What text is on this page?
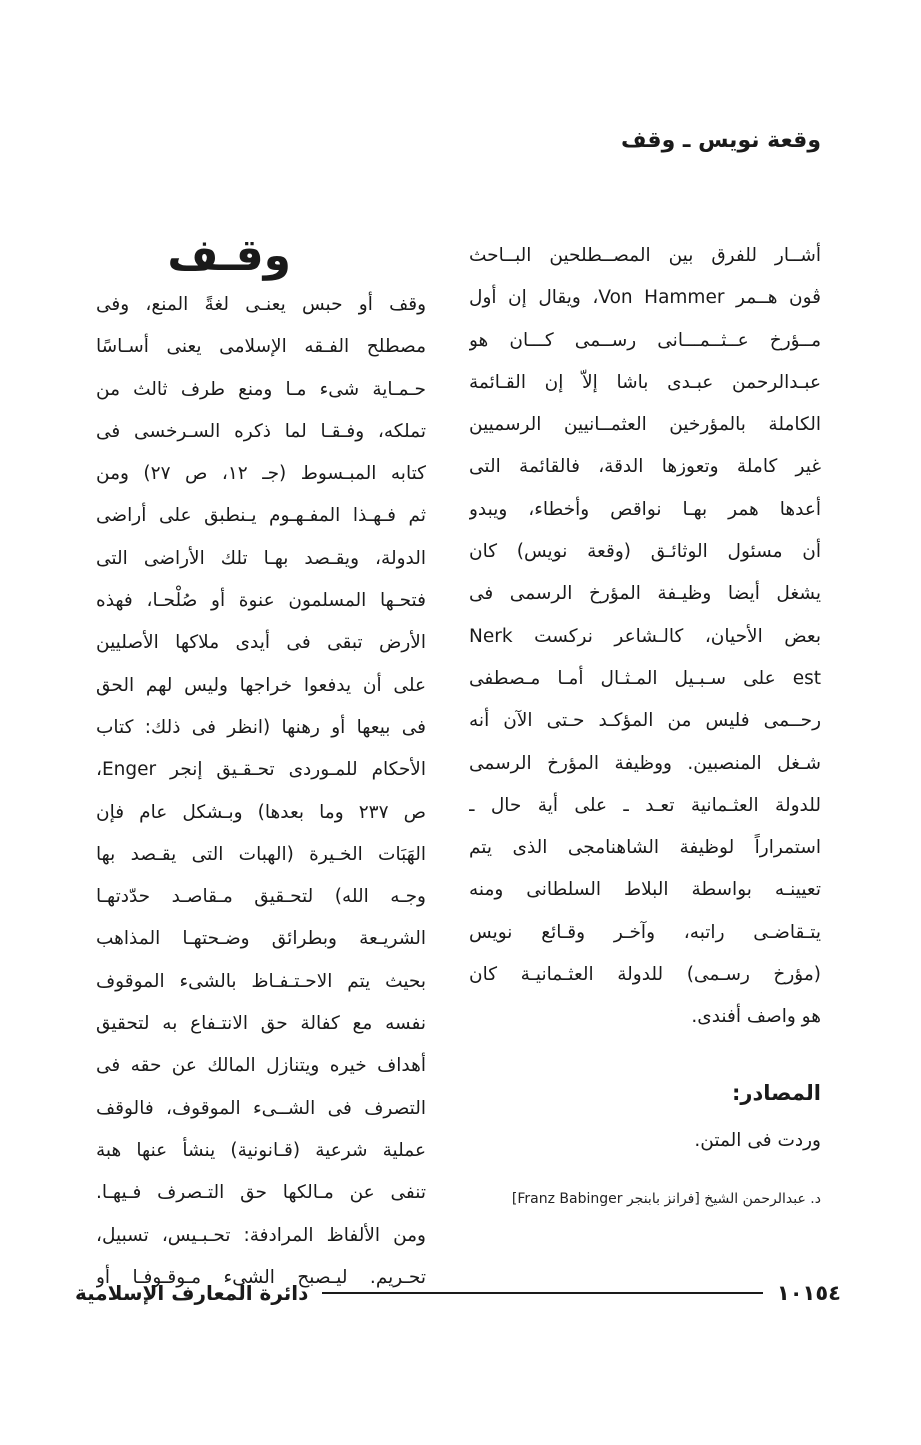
وقعة نويس ـ وقف
أشــار للفرق بين المصــطلحين البــاحث
ڤون هــمر Von Hammer، ويقال إن أول
مــؤرخ عــثــمـــانى رســمى كـــان هو
عبـدالرحمن عبـدى باشا إلاّ إن القـائمة
الكاملة بالمؤرخين العثمــانيين الرسميين
غير كاملة وتعوزها الدقة، فالقائمة التى
أعدها همر بهـا نواقص وأخطاء، ويبدو
أن مسئول الوثائـق (وقعة نويس) كان
يشغل أيضا وظيـفة المؤرخ الرسمى فى
بعض الأحيان، كالـشاعر نركست Nerk
est على سـبـيل المـثـال أمـا مـصطفى
رحــمى فليس من المؤكـد حـتى الآن أنه
شـغل المنصبين. ووظيفة المؤرخ الرسمى
للدولة العثـمانية تعـد ـ على أية حال ـ
استمراراً لوظيفة الشاهنامجى الذى يتم
تعيينـه بواسطة البلاط السلطانى ومنه
يتـقاضـى راتبه، وآخـر وقـائع نويس
(مؤرخ رسـمى) للدولة العثـمانيـة كان
هو واصف أفندى.
المصادر:
وردت فى المتن.
د. عبدالرحمن الشيخ [فرانز بابنجر Franz Babinger]
وقـف
وقف أو حبس يعنـى لغةً المنع، وفى
مصطلح الفـقه الإسلامى يعنى أسـاسًا
حـمـاية شىء مـا ومنع طرف ثالث من
تملكه، وفـقـا لما ذكره السـرخسى فى
كتابه المبـسوط (جـ ١٢، ص ٢٧) ومن
ثم فـهـذا المفـهـوم يـنطبق على أراضى
الدولة، ويقـصد بهـا تلك الأراضى التى
فتحـها المسلمون عنوة أو صُلْحـا، فهذه
الأرض تبقى فى أيدى ملاكها الأصليين
على أن يدفعوا خراجها وليس لهم الحق
فى بيعها أو رهنها (انظر فى ذلك: كتاب
الأحكام للمـوردى تحـقـيق إنجر Enger،
ص ٢٣٧ وما بعدها) وبـشكل عام فإن
الهَبَات الخـيرة (الهبات التى يقـصد بها
وجـه الله) لتحـقيق مـقاصـد حدّدتهـا
الشريـعة وبطرائق وضـحتهـا المذاهب
بحيث يتم الاحـتـفـاظ بالشىء الموقوف
نفسه مع كفالة حق الانتـفاع به لتحقيق
أهداف خيره ويتنازل المالك عن حقه فى
التصرف فى الشــىء الموقوف، فالوقف
عملية شرعية (قـانونية) ينشأ عنها هبة
تنفى عن مـالكها حق التـصرف فـيهـا.
ومن الألفاظ المرادفة: تحـبـيس، تسبيل،
تحـريم. ليـصبح الشىء مـوقـوفـا أو
١٠١٥٤
دائرة المعارف الإسلامية
